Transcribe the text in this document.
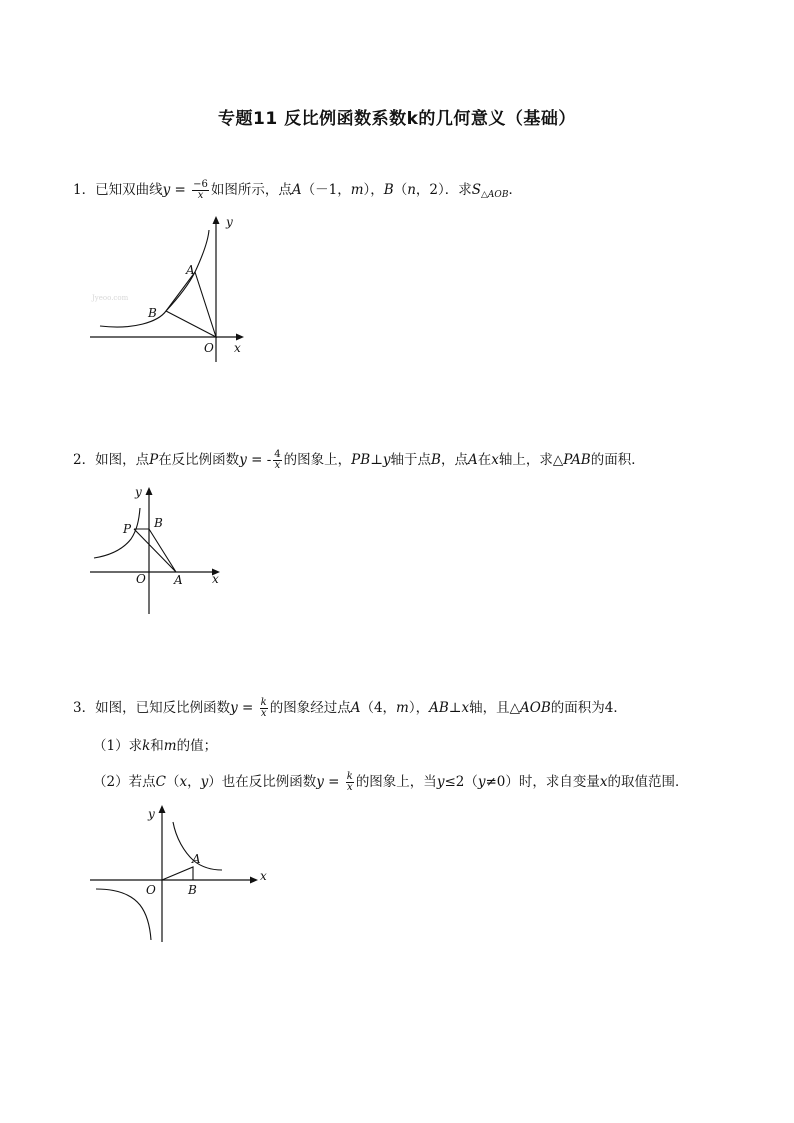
专题11 反比例函数系数k的几何意义（基础）
1．已知双曲线$y = \frac{-6}{x}$ 如图所示，点A（－1，m），B（n，2）．求$S_{\triangle AOB}$．
Jyeoo.com
y
A
B
O x
2．如图，点P在反比例函数y = - $\frac{4}{x}$ 的图象上，PB⊥y轴于点B，点A在x轴上，求△PAB的面积．
y
P B
O A x
3．如图，已知反比例函数$y = \frac{k}{x}$ 的图象经过点A（4，m），AB⊥x轴，且△AOB的面积为4．
（1）求k和m的值；
（2）若点C（x，y）也在反比例函数$y = \frac{k}{x}$ 的图象上，当y≤2（y≠0）时，求自变量x的取值范围．
y
A
O	B
x
